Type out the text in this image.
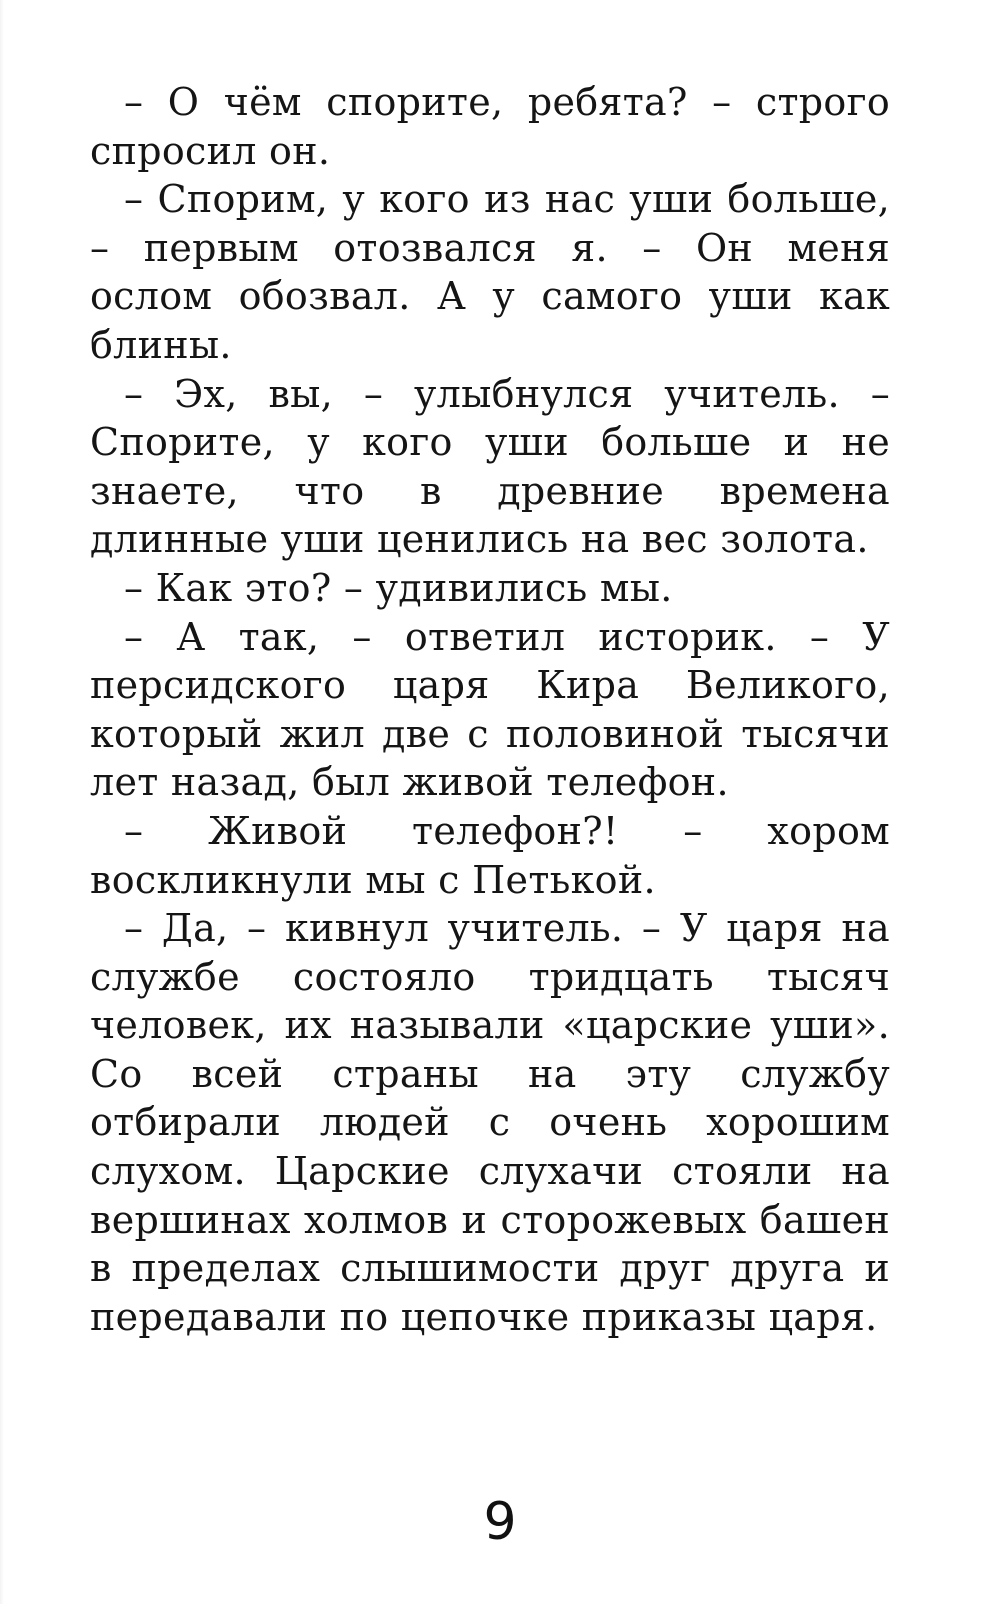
– О чём спорите, ребята? – строго спросил он.

– Спорим, у кого из нас уши больше, – первым отозвался я. – Он меня ослом обозвал. А у самого уши как блины.

– Эх, вы, – улыбнулся учитель. – Спорите, у кого уши больше и не знаете, что в древние времена длинные уши ценились на вес золота.

– Как это? – удивились мы.

– А так, – ответил историк. – У персидского царя Кира Великого, который жил две с половиной тысячи лет назад, был живой телефон.

– Живой телефон?! – хором воскликнули мы с Петькой.

– Да, – кивнул учитель. – У царя на службе состояло тридцать тысяч человек, их называли «царские уши». Со всей страны на эту службу отбирали людей с очень хорошим слухом. Царские слухачи стояли на вершинах холмов и сторожевых башен в пределах слышимости друг друга и передавали по цепочке приказы царя.

9
